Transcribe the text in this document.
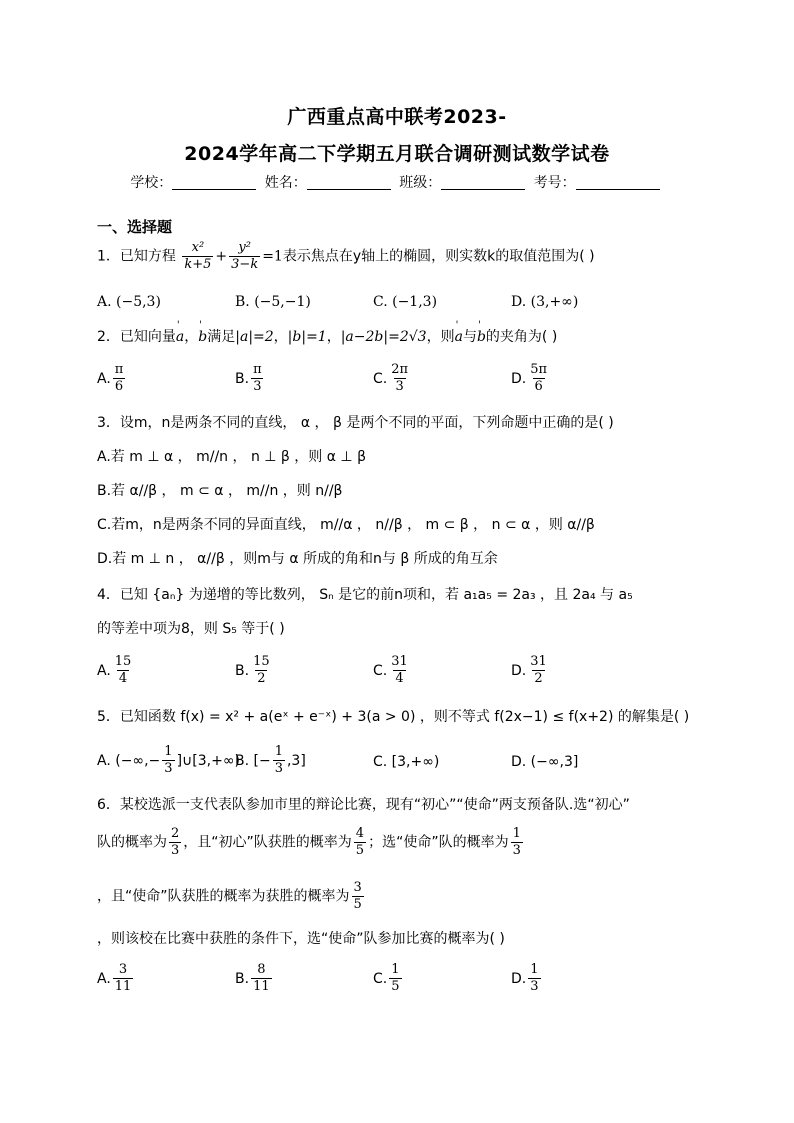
广西重点高中联考2023-
2024学年高二下学期五月联合调研测试数学试卷
学校：	姓名：	班级：	考号：
一、选择题
1．已知方程 $\frac{\text{x²}}{k+5} + \frac{\text{y²}}{3-k} =1$表示焦点在y轴上的椭圆，则实数k的取值范围为( )
A. (−5,3)	B. (−5,−1)	C. (−1,3)	D. (3,+∞)
2．已知向量' a，' b满足|a|=2，|b|=1，|a−2b|=2√3，则' a与' b的夹角为( )
A. $\frac{\pi}{6}$	B. $\frac{\pi}{3}$	C. $\frac{2\pi}{3}$	D. $\frac{5\pi}{6}$
3．设m，n是两条不同的直线， α ， β 是两个不同的平面，下列命题中正确的是( )
A.若 m ⊥ α ， m//n ， n ⊥ β ，则 α ⊥ β
B.若 α//β ， m ⊂ α ， m//n ，则 n//β
C.若m，n是两条不同的异面直线， m//α ， n//β ， m ⊂ β ， n ⊂ α ，则 α//β
D.若 m ⊥ n ， α//β ，则m与 α 所成的角和n与 β 所成的角互余
4．已知 {aₙ} 为递增的等比数列， Sₙ 是它的前n项和，若 a₁a₅ = 2a₃ ，且 2a₄ 与 a₅
的等差中项为8，则 S₅ 等于( )
A. $\frac{15}{4}$	B. $\frac{15}{2}$	C. $\frac{31}{4}$	D. $\frac{31}{2}$
5．已知函数 f(x) = x² + a(eˣ + e⁻ˣ) + 3(a > 0) ，则不等式 f(2x−1) ≤ f(x+2) 的解集是( )
A. (−∞,− $\frac{1}{3}$ ]∪[3,+∞)
B. [− $\frac{1}{3} ,3$]	C. [3,+∞)	D. (−∞,3]
6．某校选派一支代表队参加市里的辩论比赛，现有“初心”“使命”两支预备队.选“初心”
队的概率为 $\frac{2}{3}$ ，且“初心”队获胜的概率为 $\frac{4}{5}$ ；选“使命”队的概率为 $\frac{1}{3}$
，且“使命”队获胜的概率为获胜的概率为 $\frac{3}{5}$
，则该校在比赛中获胜的条件下，选“使命”队参加比赛的概率为( )
A. $\frac{3}{11}$	B. $\frac{8}{11}$	C. $\frac{1}{5}$	D. $\frac{1}{3}$
